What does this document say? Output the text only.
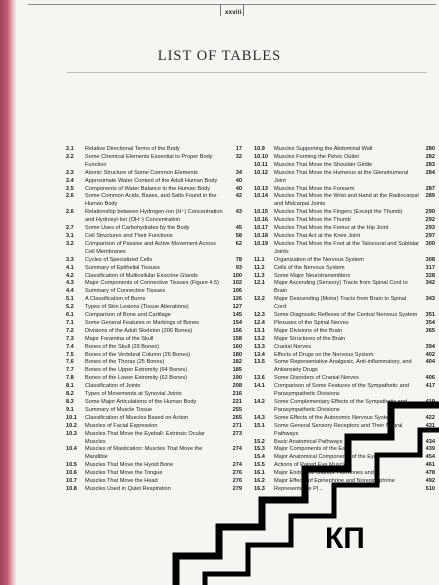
xxviii
LIST OF TABLES
2.1	Relative Directional Terms of the Body	17
2.2	Some Chemical Elements Essential to Proper Body Function
32
2.3	Atomic Structure of Some Common Elements	34
2.4	Approximate Water Content of the Adult Human Body	40
2.5	Components of Water Balance in the Human Body	40
2.6	Some Common Acids, Bases, and Salts Found in the Human Body
42
2.6	Relationship between Hydrogen-Ion (H⁺) Concentration and Hydroxyl-Ion (OH⁻) Concentration
43
2.7	Some Uses of Carbohydrates by the Body	45
3.1	Cell Structures and Their Functions	58
3.2	Comparison of Passive and Active Movement Across Cell Membranes
62
3.3	Cycles of Specialized Cells	78
4.1	Summary of Epithelial Tissues	93
4.2	Classification of Multicellular Exocrine Glands	100
4.3	Major Components of Connective Tissues (Figure 4.5)	102
4.4	Summary of Connective Tissues	106
5.1	A Classification of Burns	126
5.2	Types of Skin Lesions (Tissue Alterations)	127
6.1	Comparison of Bone and Cartilage	145
7.1	Some General Features or Markings of Bones	154
7.2	Divisions of the Adult Skeleton (206 Bones)	156
7.3	Major Foramina of the Skull	158
7.4	Bones of the Skull (29 Bones)	160
7.5	Bones of the Vertebral Column (26 Bones)	180
7.6	Bones of the Thorax (25 Bones)	182
7.7	Bones of the Upper Extremity (64 Bones)	185
7.8	Bones of the Lower Extremity (62 Bones)	190
8.1	Classification of Joints	208
8.2	Types of Movements at Synovial Joints	216
8.3	Some Major Articulations of the Human Body	221
9.1	Summary of Muscle Tissue	255
10.1	Classification of Muscles Based on Action	265
10.2	Muscles of Facial Expression	271
10.3	Muscles That Move the Eyeball: Extrinsic Ocular Muscles
273
10.4	Muscles of Mastication: Muscles That Move the Mandible
274
10.5	Muscles That Move the Hyoid Bone	274
10.6	Muscles That Move the Tongue	276
10.7	Muscles That Move the Head	276
10.8	Muscles Used in Quiet Respiration	279
10.9	Muscles Supporting the Abdominal Wall	280
10.10	Muscles Forming the Pelvic Outlet	282
10.11	Muscles That Move the Shoulder Girdle	283
10.12	Muscles That Move the Humerus at the Glenohumeral Joint
284
10.13	Muscles That Move the Forearm	287
10.14	Muscles That Move the Wrist and Hand at the Radiocarpal and Midcarpal Joints
289
10.15	Muscles That Move the Fingers (Except the Thumb)	290
10.16	Muscles That Move the Thumb	292
10.17	Muscles That Move the Femur at the Hip Joint	293
10.18	Muscles That Act at the Knee Joint	297
10.19	Muscles That Move the Foot at the Talocrural and Subtalar Joints
300
11.1	Organization of the Nervous System	308
11.2	Cells of the Nervous System	317
11.3	Some Major Neurotransmitters	328
12.1	Major Ascending (Sensory) Tracts from Spinal Cord to Brain
342
12.2	Major Descending (Motor) Tracts from Brain to Spinal Cord
343
12.3	Some Diagnostic Reflexes of the Central Nervous System	351
12.4	Plexuses of the Spinal Nerves	354
13.1	Major Divisions of the Brain	365
13.2	Major Structures of the Brain
13.3	Cranial Nerves	394
13.4	Effects of Drugs on the Nervous System	402
13.5	Some Representative Analgesic, Anti-inflammatory, and Antianxiety Drugs
404
13.6	Some Disorders of Cranial Nerves	406
14.1	Comparison of Some Features of the Sympathetic and Parasympathetic Divisions
417
14.2	Some Complementary Effects of the Sympathetic and Parasympathetic Divisions
419
14.3	Some Effects of the Autonomic Nervous System	422
15.1	Some General Sensory Receptors and Their Neural Pathways
431
15.2	Basic Anatomical Pathways	434
15.3	Major Components of the Ear	439
15.4	Major Anatomical Components of the Eye	454
15.5	Actions of Paired Eye Muscles	461
16.1	Major Endocrine Glands: Hormones and	478
16.2	Major Effects of Epinephrine and Norepinephrine	492
16.3	Representative Pl...	510
КП
